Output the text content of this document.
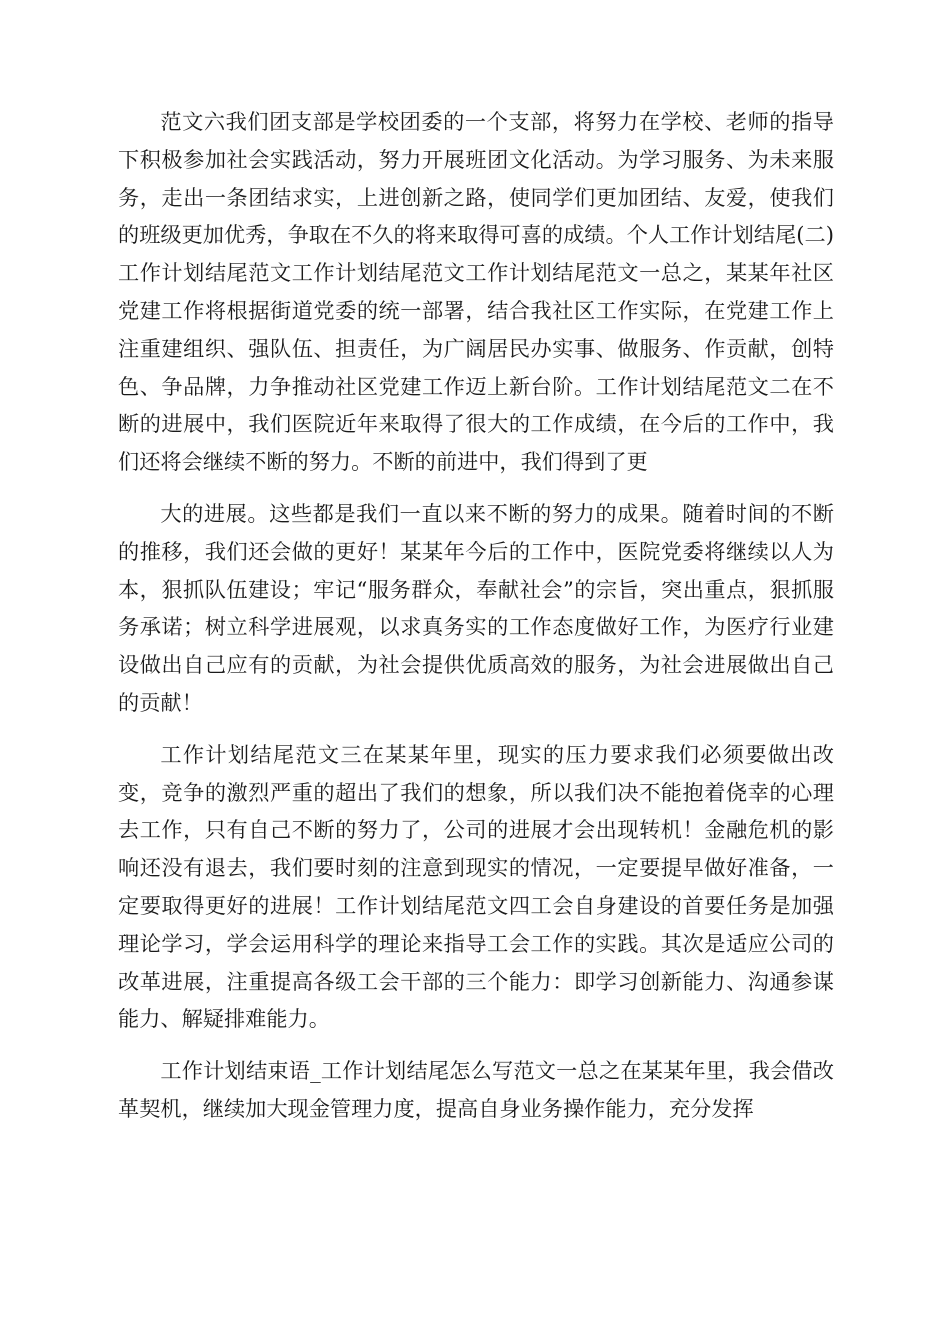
范文六我们团支部是学校团委的一个支部，将努力在学校、老师的指导下积极参加社会实践活动，努力开展班团文化活动。为学习服务、为未来服务，走出一条团结求实，上进创新之路，使同学们更加团结、友爱，使我们的班级更加优秀，争取在不久的将来取得可喜的成绩。个人工作计划结尾(二)工作计划结尾范文工作计划结尾范文工作计划结尾范文一总之，某某年社区党建工作将根据街道党委的统一部署，结合我社区工作实际，在党建工作上注重建组织、强队伍、担责任，为广阔居民办实事、做服务、作贡献，创特色、争品牌，力争推动社区党建工作迈上新台阶。工作计划结尾范文二在不断的进展中，我们医院近年来取得了很大的工作成绩，在今后的工作中，我们还将会继续不断的努力。不断的前进中，我们得到了更

大的进展。这些都是我们一直以来不断的努力的成果。随着时间的不断的推移，我们还会做的更好！某某年今后的工作中，医院党委将继续以人为本，狠抓队伍建设；牢记“服务群众，奉献社会”的宗旨，突出重点，狠抓服务承诺；树立科学进展观，以求真务实的工作态度做好工作，为医疗行业建设做出自己应有的贡献，为社会提供优质高效的服务，为社会进展做出自己的贡献！

工作计划结尾范文三在某某年里，现实的压力要求我们必须要做出改变，竞争的激烈严重的超出了我们的想象，所以我们决不能抱着侥幸的心理去工作，只有自己不断的努力了，公司的进展才会出现转机！金融危机的影响还没有退去，我们要时刻的注意到现实的情况，一定要提早做好准备，一定要取得更好的进展！工作计划结尾范文四工会自身建设的首要任务是加强理论学习，学会运用科学的理论来指导工会工作的实践。其次是适应公司的改革进展，注重提高各级工会干部的三个能力：即学习创新能力、沟通参谋能力、解疑排难能力。

工作计划结束语_工作计划结尾怎么写范文一总之在某某年里，我会借改革契机，继续加大现金管理力度，提高自身业务操作能力，充分发挥
